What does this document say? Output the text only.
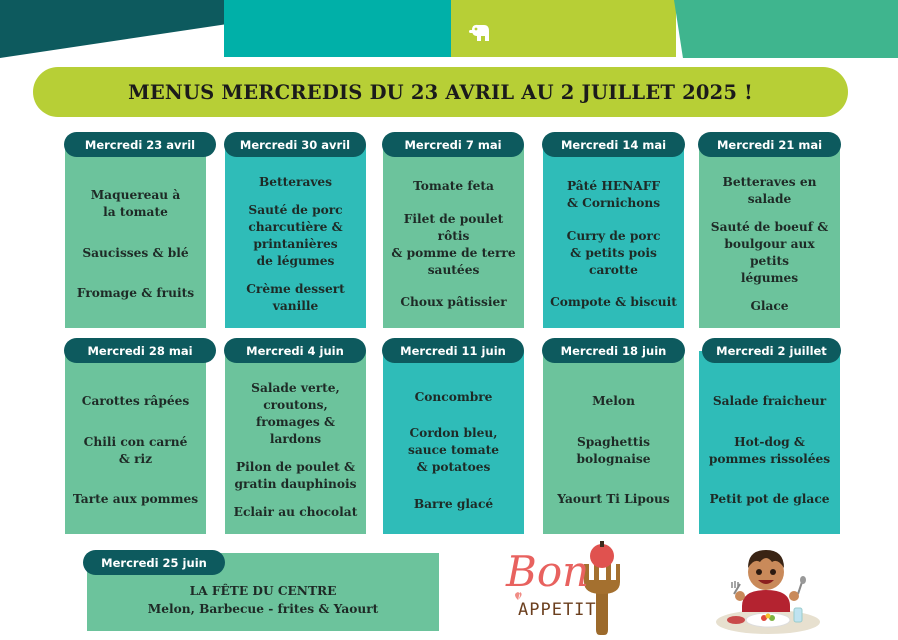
MENUS MERCREDIS DU 23 AVRIL AU 2 JUILLET 2025 !
Maquereau à
la tomate
Saucisses & blé
Fromage & fruits
Mercredi 23 avril
Betteraves
Sauté de porc
charcutière &
printanières
de légumes
Crème dessert
vanille
Mercredi 30 avril
Tomate feta
Filet de poulet rôtis
& pomme de terre
sautées
Choux pâtissier
Mercredi 7 mai
Pâté HENAFF
& Cornichons
Curry de porc
& petits pois
carotte
Compote & biscuit
Mercredi 14 mai
Betteraves en salade
Sauté de boeuf &
boulgour aux petits
légumes
Glace
Mercredi 21 mai
Carottes râpées
Chili con carné
& riz
Tarte aux pommes
Mercredi 28 mai
Salade verte,
croutons,
fromages & lardons
Pilon de poulet &
gratin dauphinois
Eclair au chocolat
Mercredi 4 juin
Concombre
Cordon bleu,
sauce tomate
& potatoes
Barre glacé
Mercredi 11 juin
Melon
Spaghettis
bolognaise
Yaourt Ti Lipous
Mercredi 18 juin
Salade fraicheur
Hot-dog &
pommes rissolées
Petit pot de glace
Mercredi 2 juillet
LA FÊTE DU CENTRE
Melon, Barbecue - frites & Yaourt
Mercredi 25 juin	Bon
APPETIT
